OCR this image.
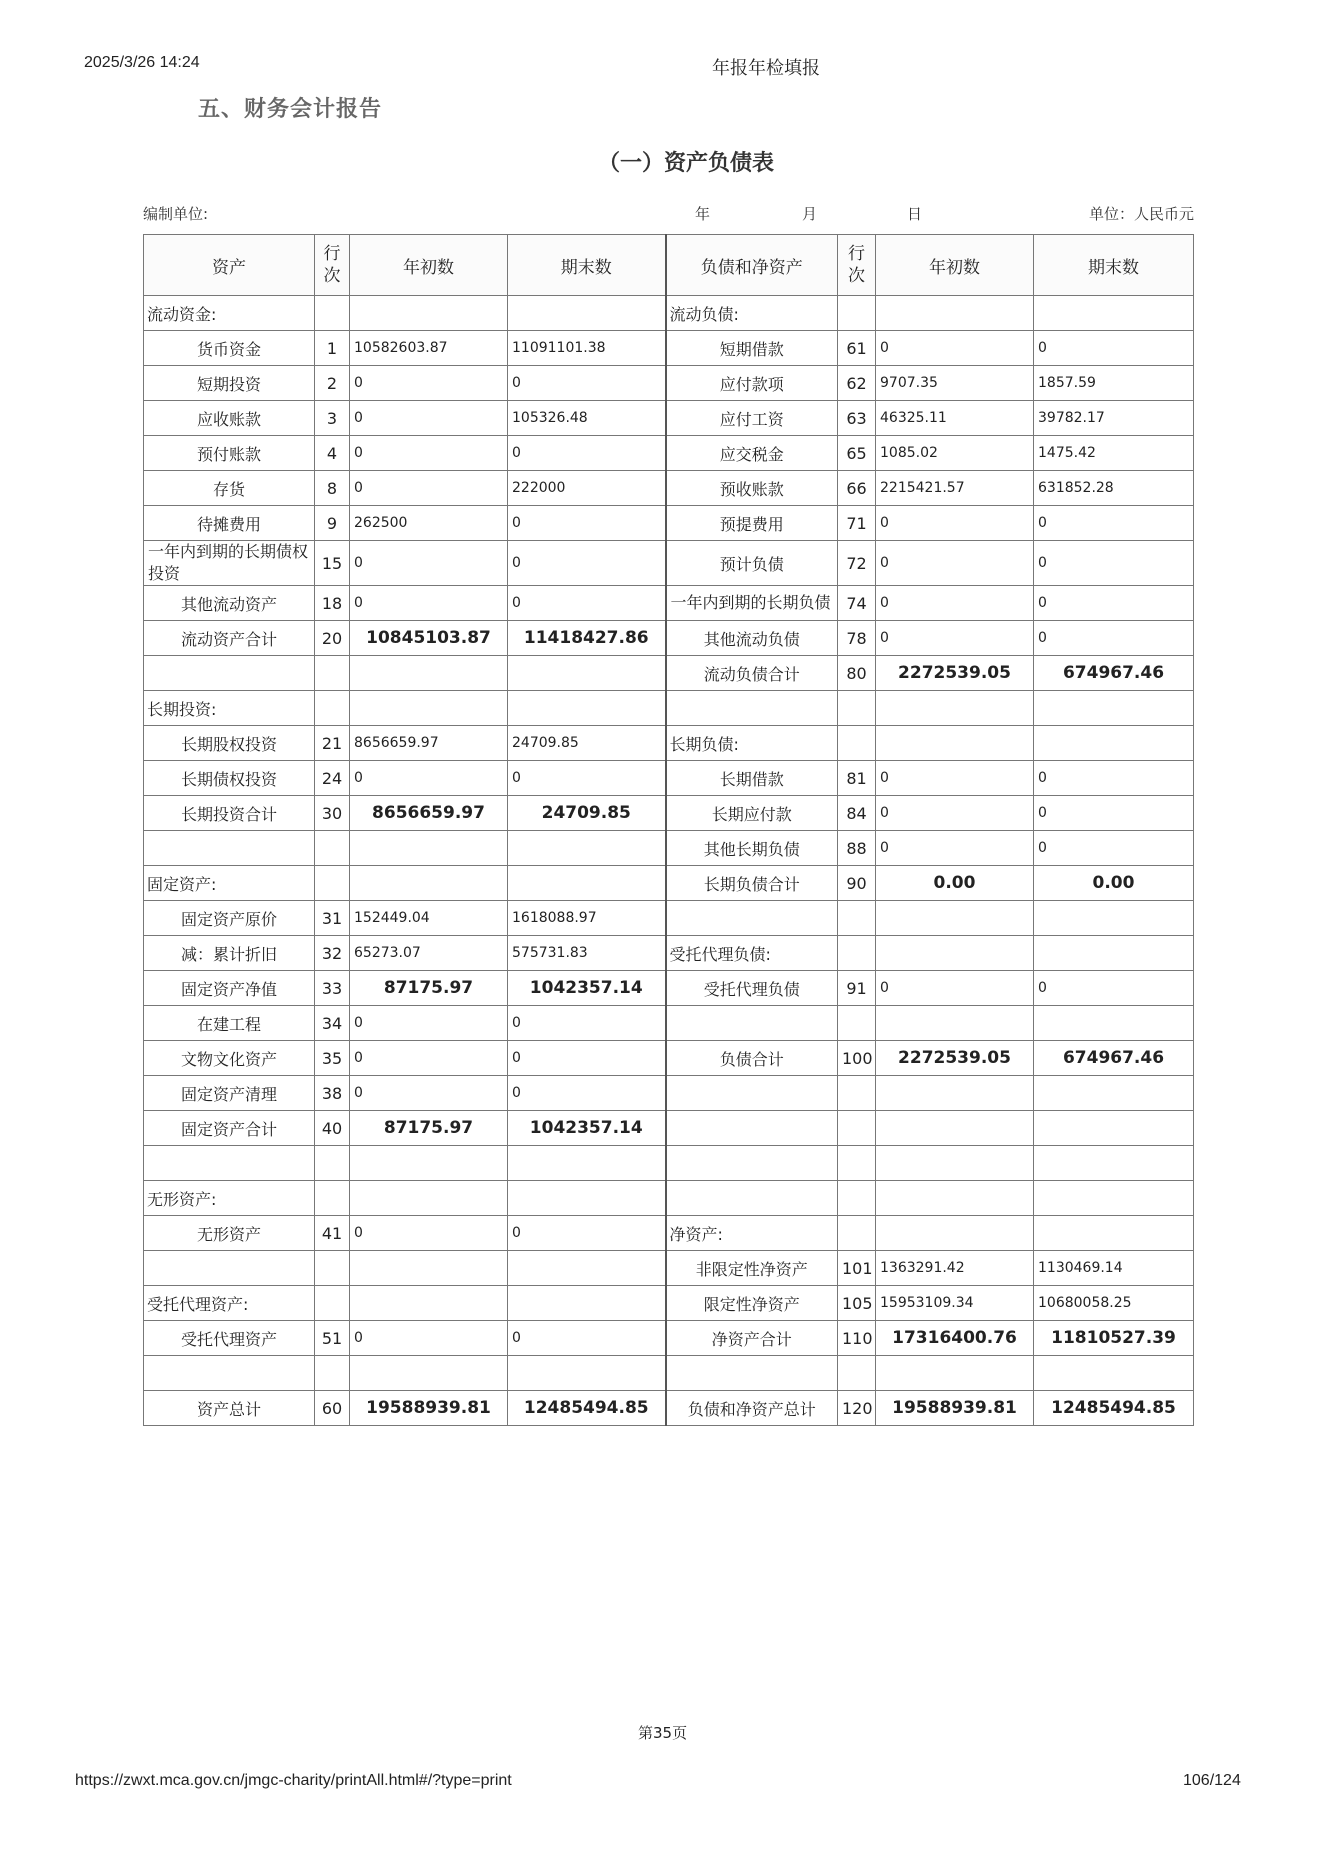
2025/3/26 14:24	年报年检填报
五、财务会计报告
（一）资产负债表
编制单位:	年	月	日	单位：人民币元
资产	行次	年初数	期末数	负债和净资产	行次	年初数	期末数
流动资金:				流动负债:			
货币资金	1	10582603.87	11091101.38	短期借款	61	0	0
短期投资	2	0	0	应付款项	62	9707.35	1857.59
应收账款	3	0	105326.48	应付工资	63	46325.11	39782.17
预付账款	4	0	0	应交税金	65	1085.02	1475.42
存货	8	0	222000	预收账款	66	2215421.57	631852.28
待摊费用	9	262500	0	预提费用	71	0	0
一年内到期的长期债权投资	15	0	0	预计负债	72	0	0
其他流动资产	18	0	0	一年内到期的长期负债	74	0	0
流动资产合计	20	10845103.87	11418427.86	其他流动负债	78	0	0
				流动负债合计	80	2272539.05	674967.46
长期投资:							
长期股权投资	21	8656659.97	24709.85	长期负债:			
长期债权投资	24	0	0	长期借款	81	0	0
长期投资合计	30	8656659.97	24709.85	长期应付款	84	0	0
				其他长期负债	88	0	0
固定资产:				长期负债合计	90	0.00	0.00
固定资产原价	31	152449.04	1618088.97				
减：累计折旧	32	65273.07	575731.83	受托代理负债:			
固定资产净值	33	87175.97	1042357.14	受托代理负债	91	0	0
在建工程	34	0	0				
文物文化资产	35	0	0	负债合计	100	2272539.05	674967.46
固定资产清理	38	0	0				
固定资产合计	40	87175.97	1042357.14				

无形资产:							
无形资产	41	0	0	净资产:			
				非限定性净资产	101	1363291.42	1130469.14
受托代理资产:				限定性净资产	105	15953109.34	10680058.25
受托代理资产	51	0	0	净资产合计	110	17316400.76	11810527.39

资产总计	60	19588939.81	12485494.85	负债和净资产总计	120	19588939.81	12485494.85
第35页
https://zwxt.mca.gov.cn/jmgc-charity/printAll.html#/?type=print	106/124
